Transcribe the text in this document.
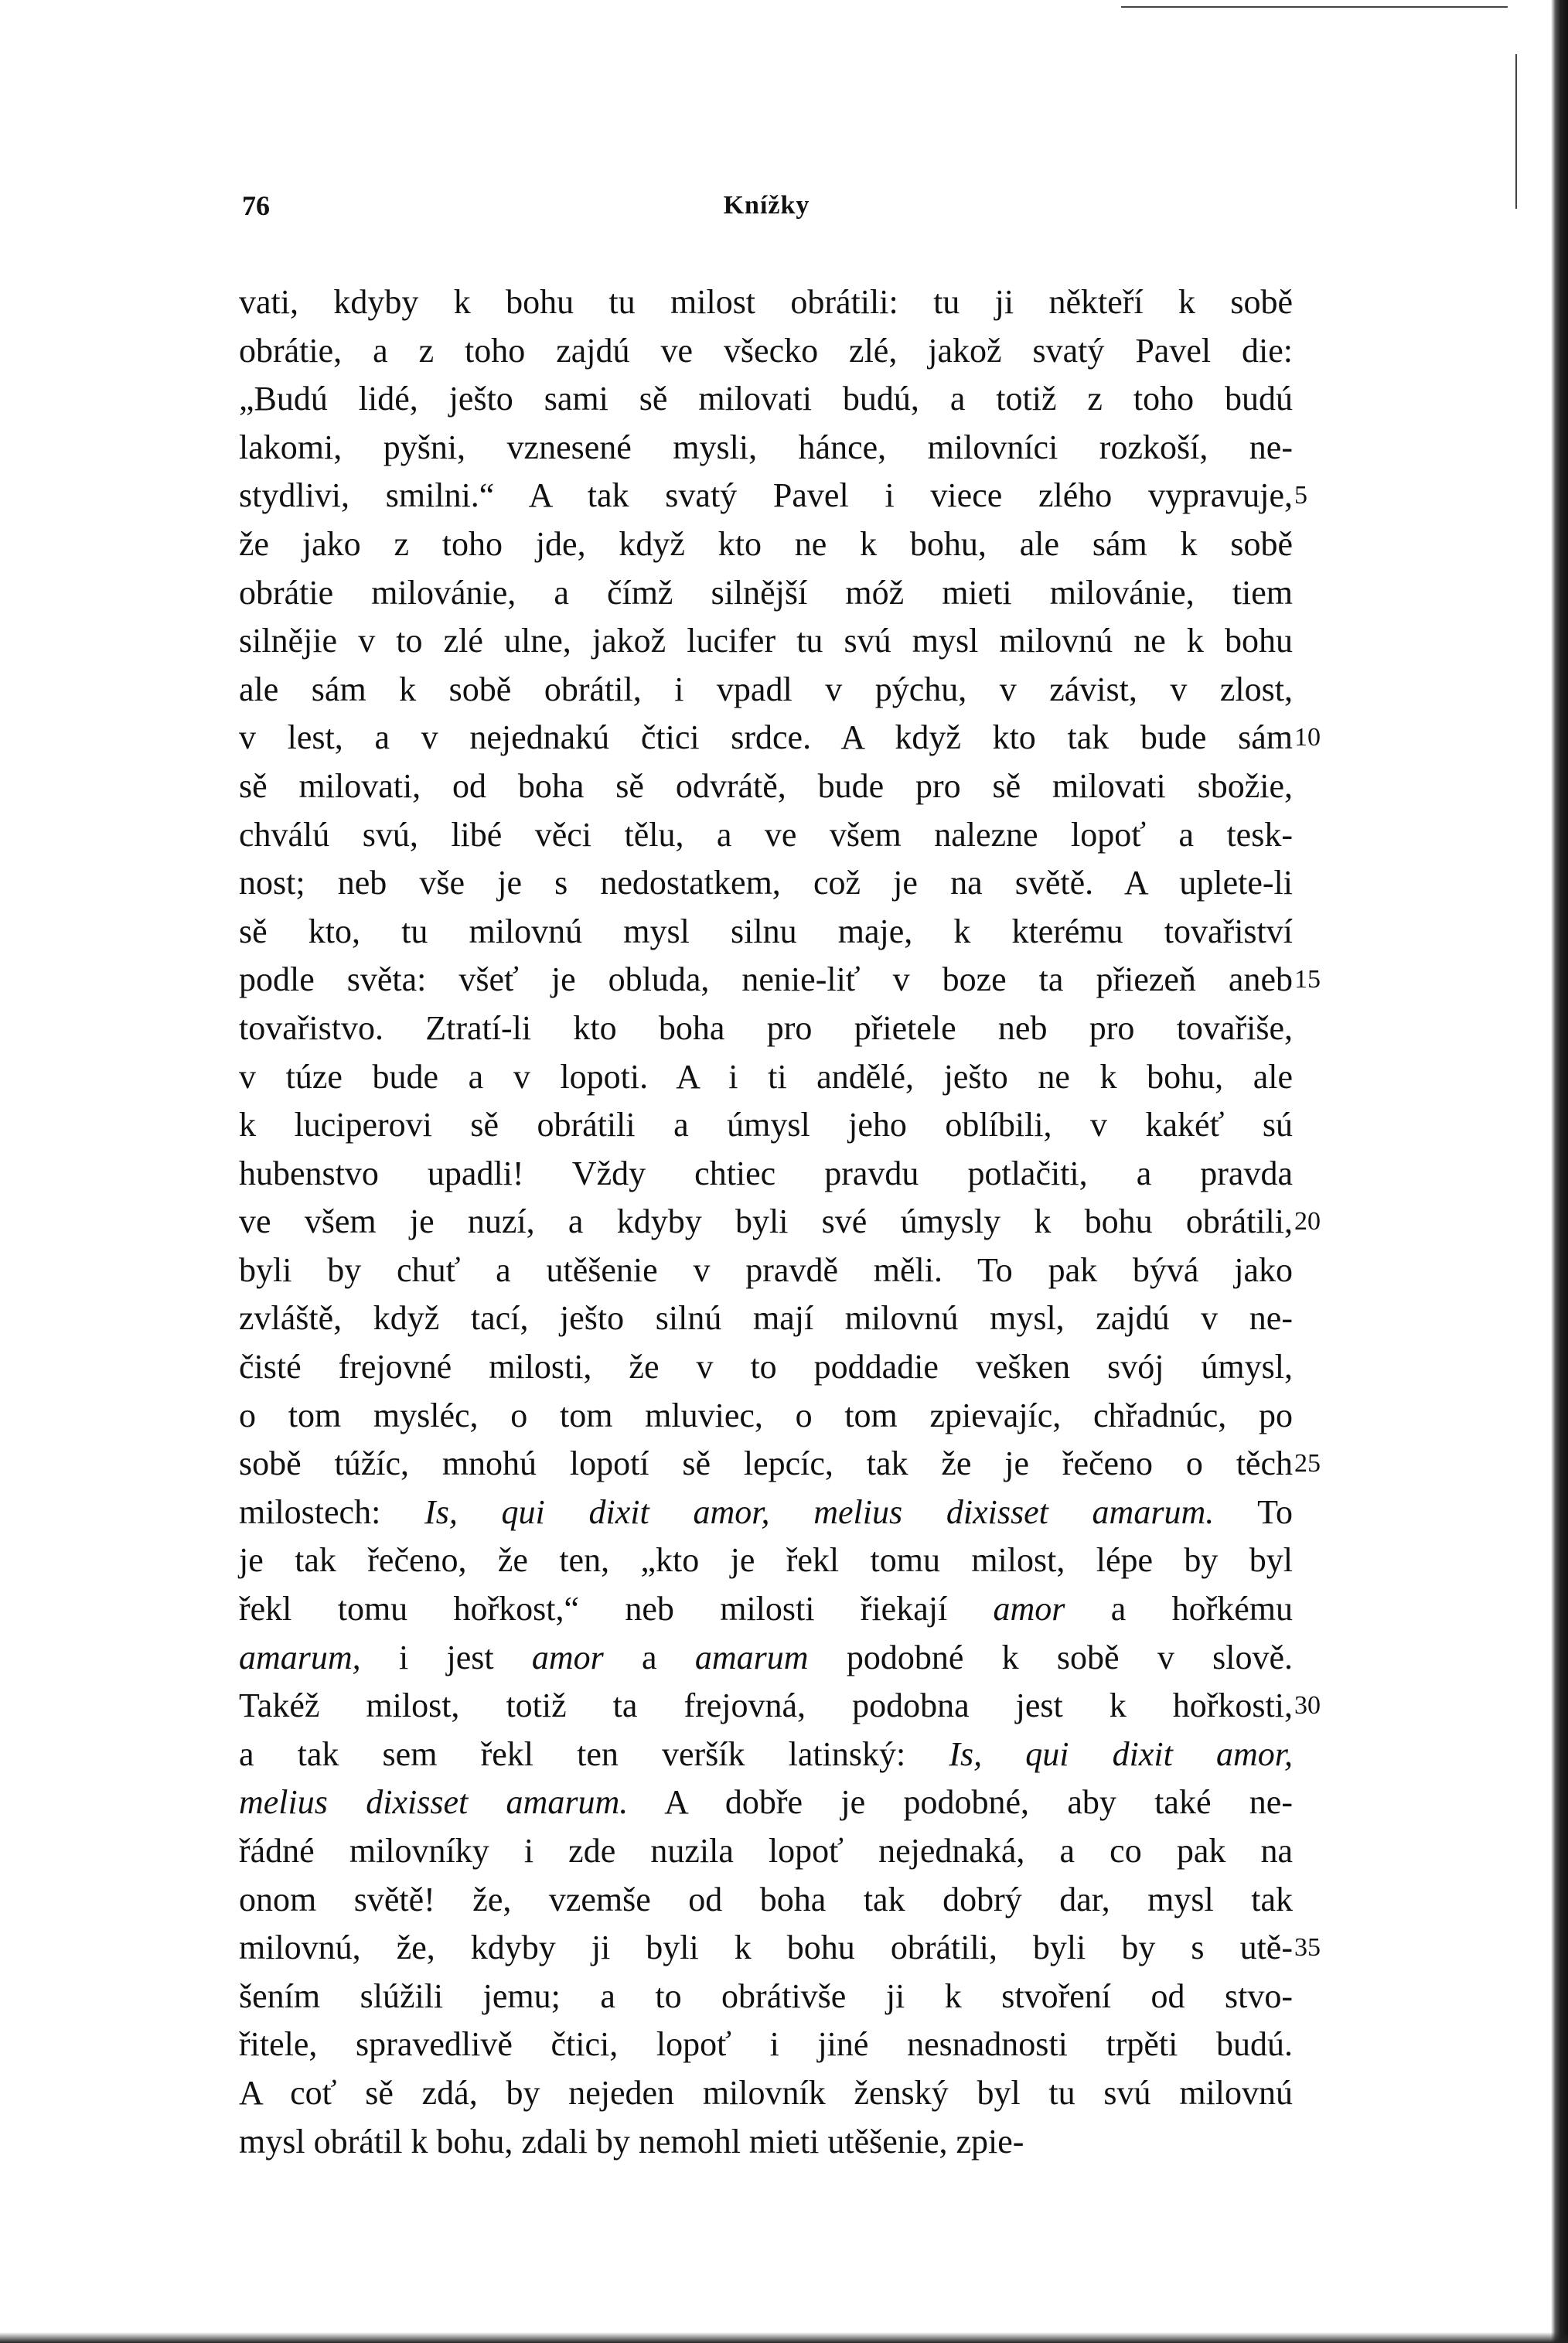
76	Knížky
vati, kdyby k bohu tu milost obrátili: tu ji někteří k sobě
obrátie, a z toho zajdú ve všecko zlé, jakož svatý Pavel die:
„Budú lidé, ješto sami sě milovati budú, a totiž z toho budú
lakomi, pyšni, vznesené mysli, hánce, milovníci rozkoší, ne-
stydlivi, smilni.“ A tak svatý Pavel i viece zlého vypravuje, 5
že jako z toho jde, když kto ne k bohu, ale sám k sobě
obrátie milovánie, a čímž silnější móž mieti milovánie, tiem
silnějie v to zlé ulne, jakož lucifer tu svú mysl milovnú ne k bohu
ale sám k sobě obrátil, i vpadl v pýchu, v závist, v zlost,
v lest, a v nejednakú čtici srdce. A když kto tak bude sám 10
sě milovati, od boha sě odvrátě, bude pro sě milovati sbožie,
chválú svú, libé věci tělu, a ve všem nalezne lopoť a tesk-
nost; neb vše je s nedostatkem, což je na světě. A uplete-li
sě kto, tu milovnú mysl silnu maje, k kterému tovařiství
podle světa: všeť je obluda, nenie-liť v boze ta přiezeň aneb 15
tovařistvo. Ztratí-li kto boha pro přietele neb pro tovařiše,
v túze bude a v lopoti. A i ti andělé, ješto ne k bohu, ale
k luciperovi sě obrátili a úmysl jeho oblíbili, v kakéť sú
hubenstvo upadli! Vždy chtiec pravdu potlačiti, a pravda
ve všem je nuzí, a kdyby byli své úmysly k bohu obrátili, 20
byli by chuť a utěšenie v pravdě měli. To pak bývá jako
zvláště, když tací, ješto silnú mají milovnú mysl, zajdú v ne-
čisté frejovné milosti, že v to poddadie vešken svój úmysl,
o tom mysléc, o tom mluviec, o tom zpievajíc, chřadnúc, po
sobě túžíc, mnohú lopotí sě lepcíc, tak že je řečeno o těch 25
milostech: Is, qui dixit amor, melius dixisset amarum. To
je tak řečeno, že ten, „kto je řekl tomu milost, lépe by byl
řekl tomu hořkost,“ neb milosti řiekají amor a hořkému
amarum, i jest amor a amarum podobné k sobě v slově.
Takéž milost, totiž ta frejovná, podobna jest k hořkosti, 30
a tak sem řekl ten veršík latinský: Is, qui dixit amor,
melius dixisset amarum. A dobře je podobné, aby také ne-
řádné milovníky i zde nuzila lopoť nejednaká, a co pak na
onom světě! že, vzemše od boha tak dobrý dar, mysl tak
milovnú, že, kdyby ji byli k bohu obrátili, byli by s utě- 35
šením slúžili jemu; a to obrátivše ji k stvoření od stvo-
řitele, spravedlivě čtici, lopoť i jiné nesnadnosti trpěti budú.
A coť sě zdá, by nejeden milovník ženský byl tu svú milovnú
mysl obrátil k bohu, zdali by nemohl mieti utěšenie, zpie-
